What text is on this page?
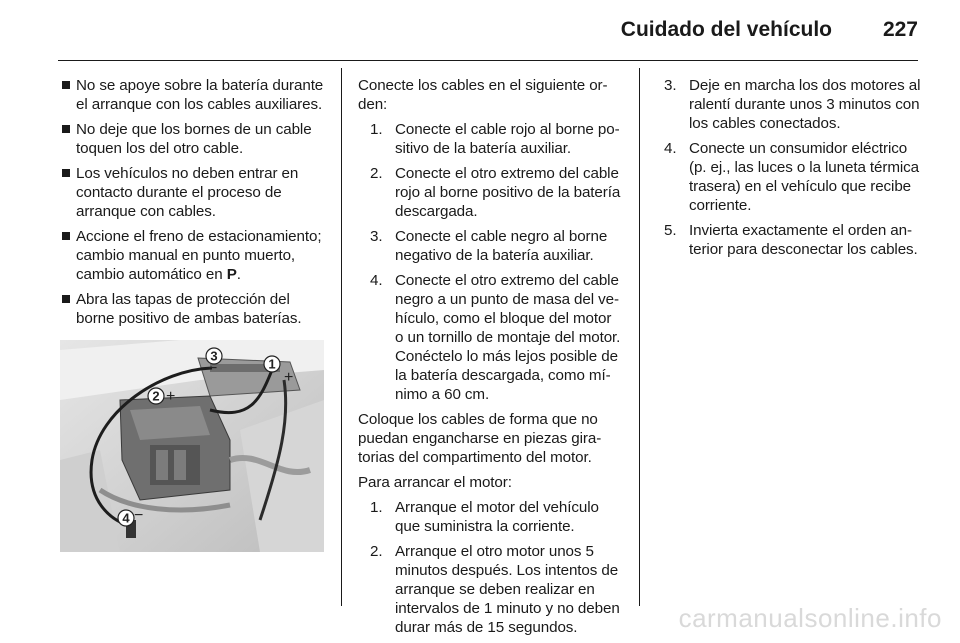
Cuidado del vehículo 227
No se apoye sobre la batería durante el arranque con los cables auxiliares.
No deje que los bornes de un cable toquen los del otro cable.
Los vehículos no deben entrar en contacto durante el proceso de arranque con cables.
Accione el freno de estacionamiento; cambio manual en punto muerto, cambio automático en P.
Abra las tapas de protección del borne positivo de ambas baterías.
1
+
2 +
3
−
4 −

Conecte los cables en el siguiente orden:

1. Conecte el cable rojo al borne positivo de la batería auxiliar.
2. Conecte el otro extremo del cable rojo al borne positivo de la batería descargada.
3. Conecte el cable negro al borne negativo de la batería auxiliar.
4. Conecte el otro extremo del cable negro a un punto de masa del vehículo, como el bloque del motor o un tornillo de montaje del motor. Conéctelo lo más lejos posible de la batería descargada, como mínimo a 60 cm.

Coloque los cables de forma que no puedan engancharse en piezas giratorias del compartimento del motor.

Para arrancar el motor:

1. Arranque el motor del vehículo que suministra la corriente.
2. Arranque el otro motor unos 5 minutos después. Los intentos de arranque se deben realizar en intervalos de 1 minuto y no deben durar más de 15 segundos.
3. Deje en marcha los dos motores al ralentí durante unos 3 minutos con los cables conectados.
4. Conecte un consumidor eléctrico (p. ej., las luces o la luneta térmica trasera) en el vehículo que recibe corriente.
5. Invierta exactamente el orden anterior para desconectar los cables.
carmanualsonline.info
